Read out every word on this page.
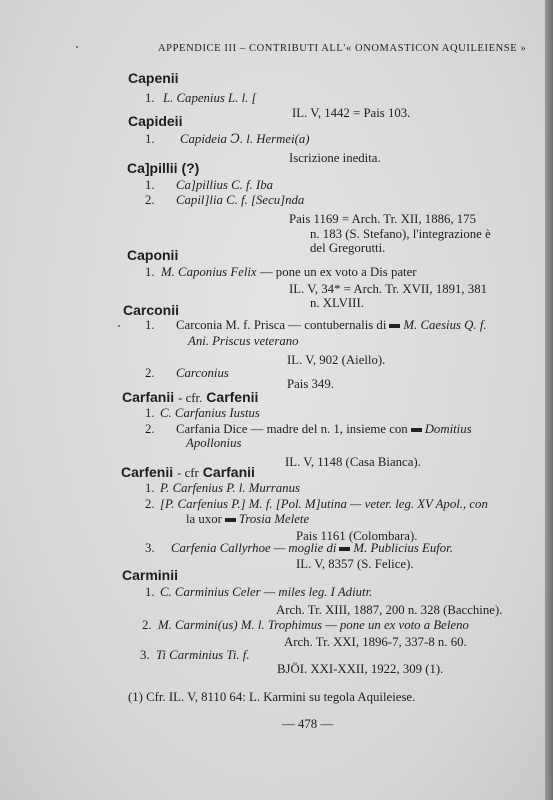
APPENDICE III – CONTRIBUTI ALL'« ONOMASTICON AQUILEIENSE »
Capenii
1. L. Capenius L. l. [
IL. V, 1442 = Pais 103.
Capideii
1. Capideia Ↄ. l. Hermei(a)
Iscrizione inedita.
Ca]pillii (?)
1. Ca]pillius C. f. Iba
2. Capil]lia C. f. [Secu]nda
Pais 1169 = Arch. Tr. XII, 1886, 175
n. 183 (S. Stefano), l'integrazione è
del Gregorutti.
Caponii
1. M. Caponius Felix — pone un ex voto a Dis pater
IL. V, 34* = Arch. Tr. XVII, 1891, 381
n. XLVIII.
Carconii
1. Carconia M. f. Prisca — contubernalis di M. Caesius Q. f.
Ani. Priscus veterano
IL. V, 902 (Aiello).
2. Carconius
Pais 349.
Carfanii - cfr. Carfenii
1. C. Carfanius Iustus
2. Carfania Dice — madre del n. 1, insieme con Domitius
Apollonius
IL. V, 1148 (Casa Bianca).
Carfenii - cfr Carfanii
1. P. Carfenius P. l. Murranus
2. [P. Carfenius P.] M. f. [Pol. M]utina — veter. leg. XV Apol., con
la uxor Trosia Melete
Pais 1161 (Colombara).
3. Carfenia Callyrhoe — moglie di M. Publicius Eufor.
IL. V, 8357 (S. Felice).
Carminii
1. C. Carminius Celer — miles leg. I Adiutr.
Arch. Tr. XIII, 1887, 200 n. 328 (Bacchine).
2. M. Carmini(us) M. l. Trophimus — pone un ex voto a Beleno
Arch. Tr. XXI, 1896-7, 337-8 n. 60.
3. Ti Carminius Ti. f.
BJÖI. XXI-XXII, 1922, 309 (1).
(1) Cfr. IL. V, 8110 64: L. Karmini su tegola Aquileiese.
— 478 —
